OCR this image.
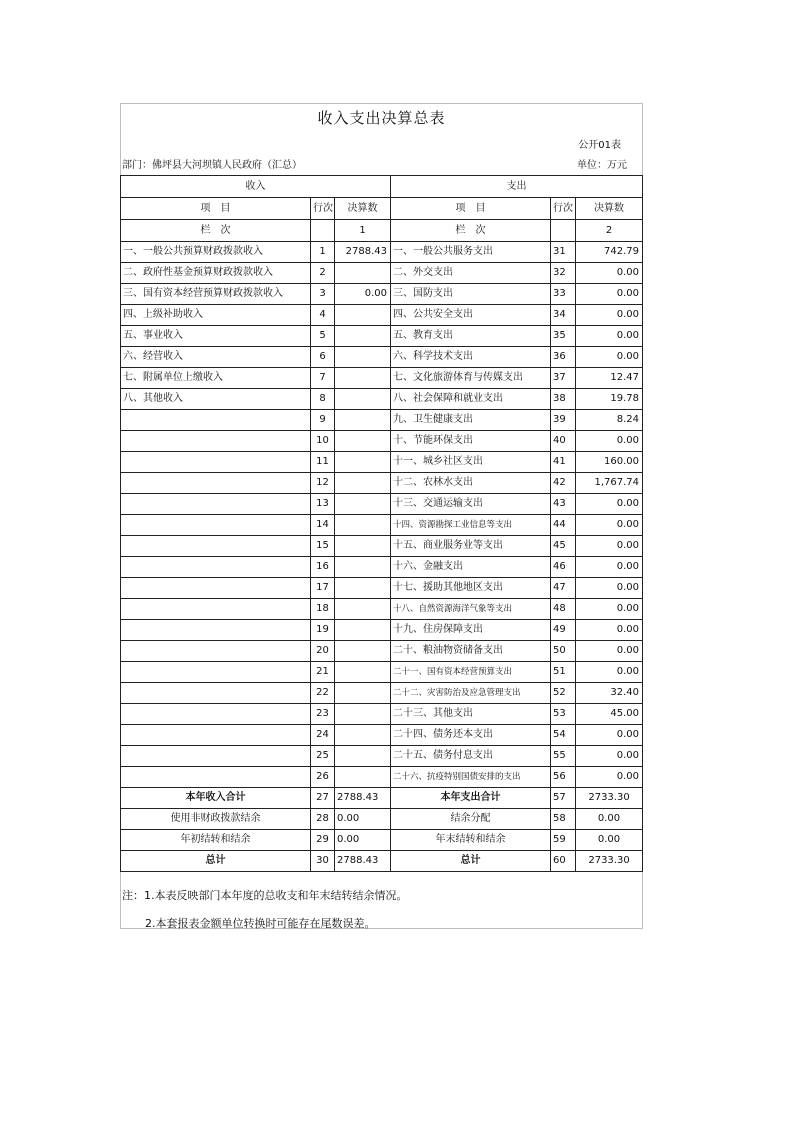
收入支出决算总表
公开01表
部门：佛坪县大河坝镇人民政府（汇总）	单位：万元
收入			支出		
项　目	行次	决算数	项　目	行次	决算数
栏　次		1	栏　次		2
一、一般公共预算财政拨款收入	1	2788.43	一、一般公共服务支出	31	742.79
二、政府性基金预算财政拨款收入	2		二、外交支出	32	0.00
三、国有资本经营预算财政拨款收入	3	0.00	三、国防支出	33	0.00
四、上级补助收入	4		四、公共安全支出	34	0.00
五、事业收入	5		五、教育支出	35	0.00
六、经营收入	6		六、科学技术支出	36	0.00
七、附属单位上缴收入	7		七、文化旅游体育与传媒支出	37	12.47
八、其他收入	8		八、社会保障和就业支出	38	19.78
	9		九、卫生健康支出	39	8.24
	10		十、节能环保支出	40	0.00
	11		十一、城乡社区支出	41	160.00
	12		十二、农林水支出	42	1,767.74
	13		十三、交通运输支出	43	0.00
	14		十四、资源勘探工业信息等支出	44	0.00
	15		十五、商业服务业等支出	45	0.00
	16		十六、金融支出	46	0.00
	17		十七、援助其他地区支出	47	0.00
	18		十八、自然资源海洋气象等支出	48	0.00
	19		十九、住房保障支出	49	0.00
	20		二十、粮油物资储备支出	50	0.00
	21		二十一、国有资本经营预算支出	51	0.00
	22		二十二、灾害防治及应急管理支出	52	32.40
	23		二十三、其他支出	53	45.00
	24		二十四、债务还本支出	54	0.00
	25		二十五、债务付息支出	55	0.00
	26		二十六、抗疫特别国债安排的支出	56	0.00
本年收入合计	27	2788.43	本年支出合计	57	2733.30
使用非财政拨款结余	28	0.00	结余分配	58	0.00
年初结转和结余	29	0.00	年末结转和结余	59	0.00
总计	30	2788.43	总计	60	2733.30
注：1.本表反映部门本年度的总收支和年末结转结余情况。
2.本套报表金额单位转换时可能存在尾数误差。
